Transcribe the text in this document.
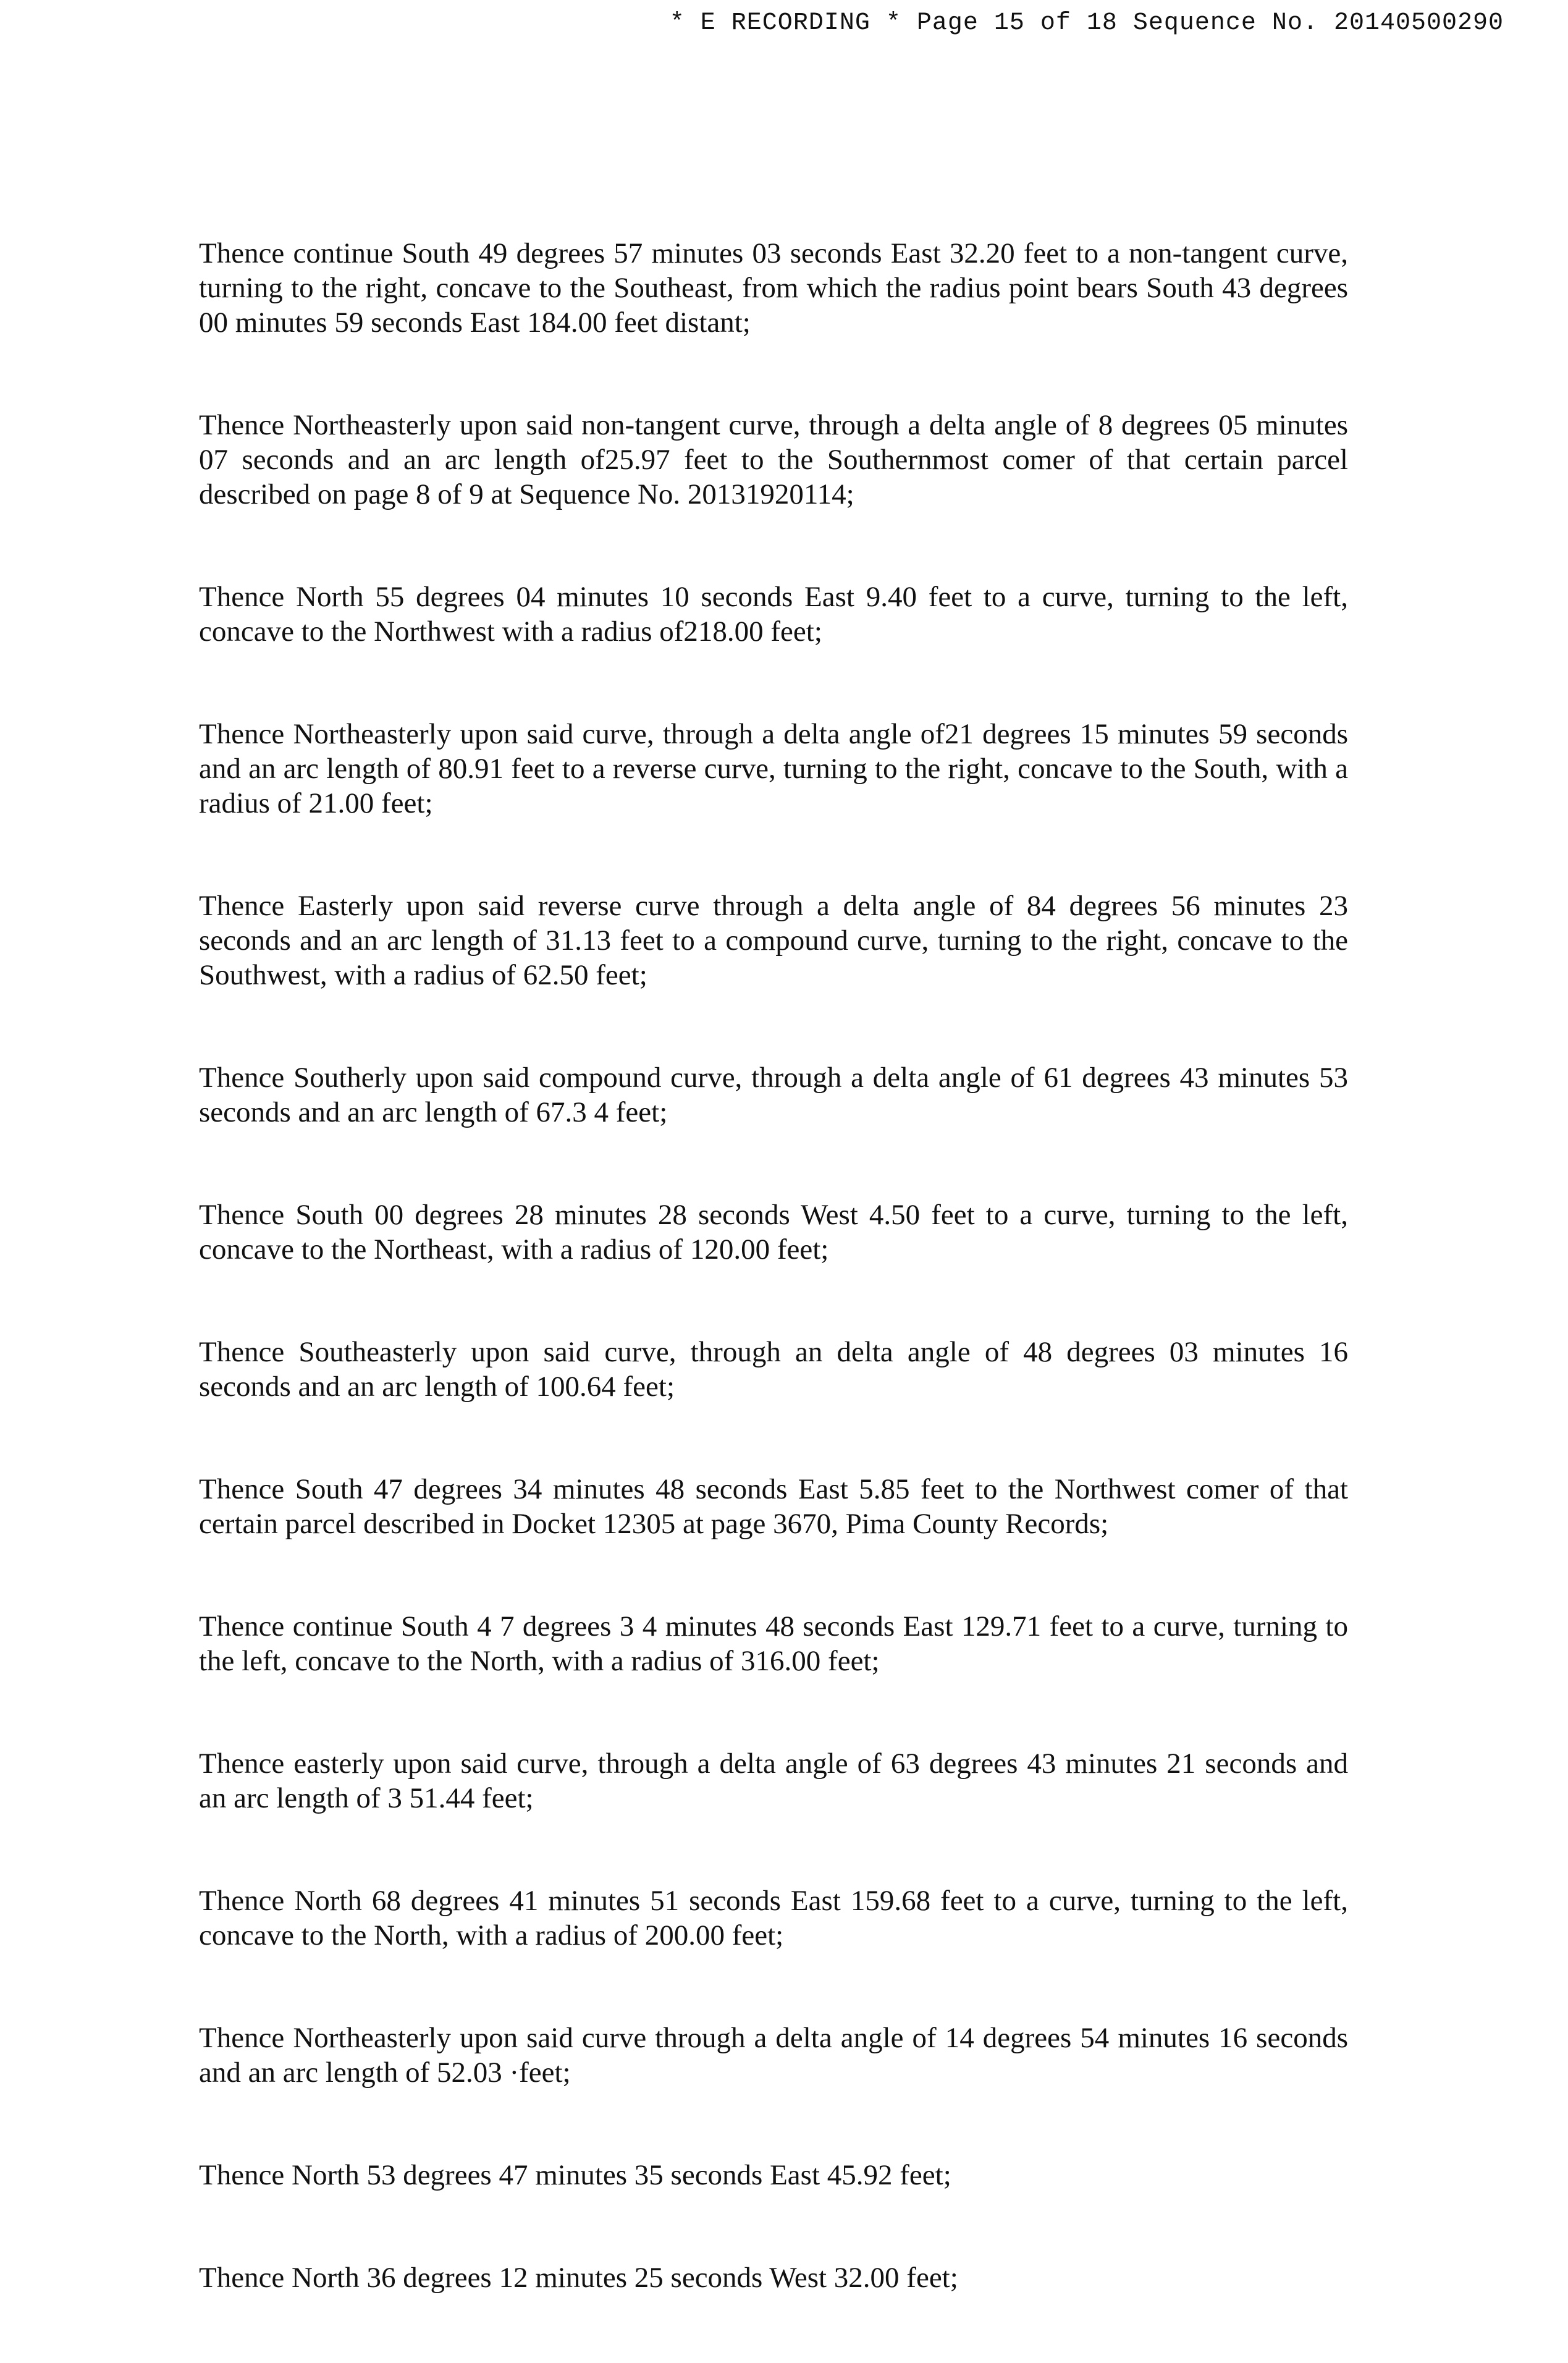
* E RECORDING * Page 15 of 18 Sequence No. 20140500290

Thence continue South 49 degrees 57 minutes 03 seconds East 32.20 feet to a non-tangent curve, turning to the right, concave to the Southeast, from which the radius point bears South 43 degrees 00 minutes 59 seconds East 184.00 feet distant;

Thence Northeasterly upon said non-tangent curve, through a delta angle of 8 degrees 05 minutes 07 seconds and an arc length of25.97 feet to the Southernmost comer of that certain parcel described on page 8 of 9 at Sequence No. 20131920114;

Thence North 55 degrees 04 minutes 10 seconds East 9.40 feet to a curve, turning to the left, concave to the Northwest with a radius of218.00 feet;

Thence Northeasterly upon said curve, through a delta angle of21 degrees 15 minutes 59 seconds and an arc length of 80.91 feet to a reverse curve, turning to the right, concave to the South, with a radius of 21.00 feet;

Thence Easterly upon said reverse curve through a delta angle of 84 degrees 56 minutes 23 seconds and an arc length of 31.13 feet to a compound curve, turning to the right, concave to the Southwest, with a radius of 62.50 feet;

Thence Southerly upon said compound curve, through a delta angle of 61 degrees 43 minutes 53 seconds and an arc length of 67.3 4 feet;

Thence South 00 degrees 28 minutes 28 seconds West 4.50 feet to a curve, turning to the left, concave to the Northeast, with a radius of 120.00 feet;

Thence Southeasterly upon said curve, through an delta angle of 48 degrees 03 minutes 16 seconds and an arc length of 100.64 feet;

Thence South 47 degrees 34 minutes 48 seconds East 5.85 feet to the Northwest comer of that certain parcel described in Docket 12305 at page 3670, Pima County Records;

Thence continue South 4 7 degrees 3 4 minutes 48 seconds East 129.71 feet to a curve, turning to the left, concave to the North, with a radius of 316.00 feet;

Thence easterly upon said curve, through a delta angle of 63 degrees 43 minutes 21 seconds and an arc length of 3 51.44 feet;

Thence North 68 degrees 41 minutes 51 seconds East 159.68 feet to a curve, turning to the left, concave to the North, with a radius of 200.00 feet;

Thence Northeasterly upon said curve through a delta angle of 14 degrees 54 minutes 16 seconds and an arc length of 52.03 ·feet;

Thence North 53 degrees 47 minutes 35 seconds East 45.92 feet;

Thence North 36 degrees 12 minutes 25 seconds West 32.00 feet;
